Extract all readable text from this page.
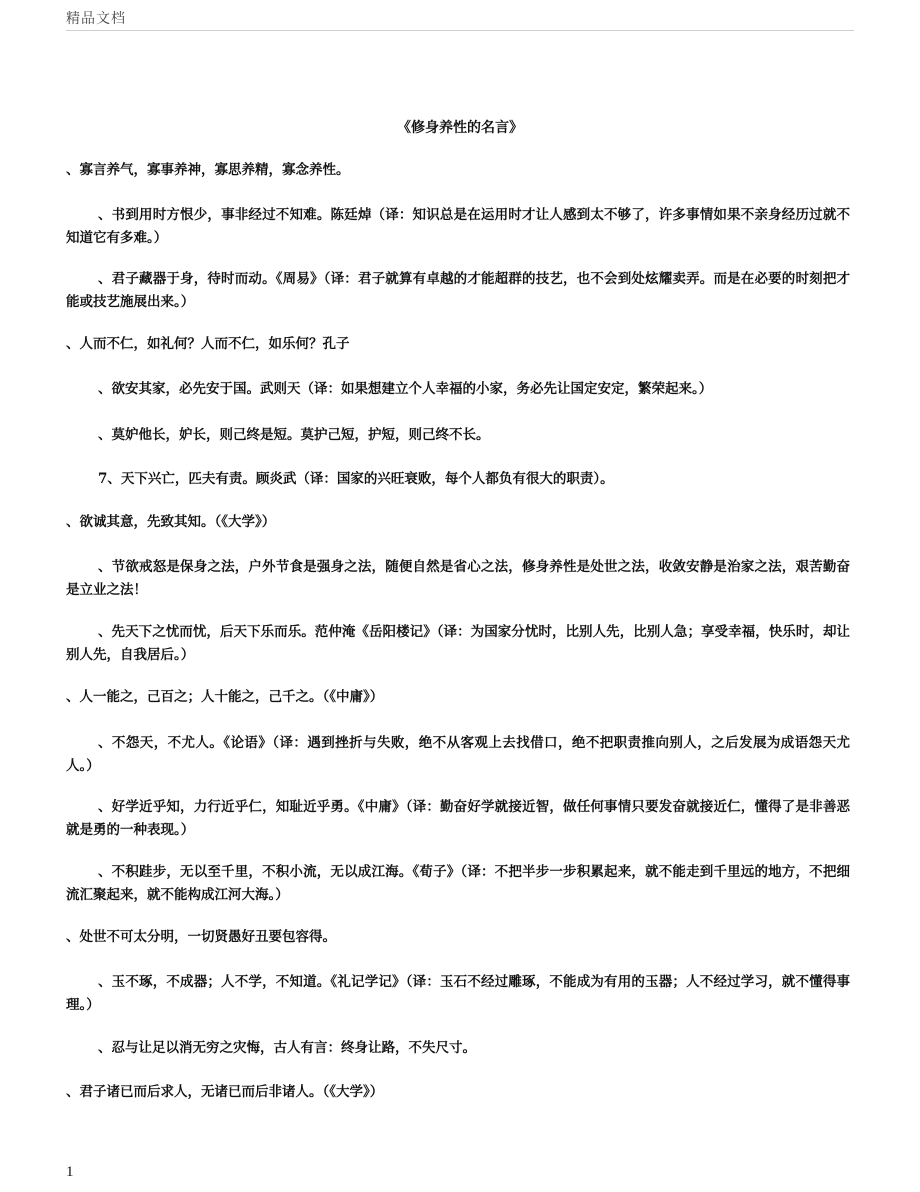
精品文档
《修身养性的名言》

、寡言养气，寡事养神，寡思养精，寡念养性。

、书到用时方恨少，事非经过不知难。陈廷焯（译：知识总是在运用时才让人感到太不够了，许多事情如果不亲身经历过就不知道它有多难。）

、君子藏器于身，待时而动。《周易》（译：君子就算有卓越的才能超群的技艺，也不会到处炫耀卖弄。而是在必要的时刻把才能或技艺施展出来。）

、人而不仁，如礼何？人而不仁，如乐何？孔子

、欲安其家，必先安于国。武则天（译：如果想建立个人幸福的小家，务必先让国定安定，繁荣起来。）

、莫妒他长，妒长，则己终是短。莫护己短，护短，则己终不长。

7、天下兴亡，匹夫有责。顾炎武（译：国家的兴旺衰败，每个人都负有很大的职责）。

、欲诚其意，先致其知。（《大学》）

、节欲戒怒是保身之法，户外节食是强身之法，随便自然是省心之法，修身养性是处世之法，收敛安静是治家之法，艰苦勤奋是立业之法！

、先天下之忧而忧，后天下乐而乐。范仲淹《岳阳楼记》（译：为国家分忧时，比别人先，比别人急；享受幸福，快乐时，却让别人先，自我居后。）

、人一能之，己百之；人十能之，己千之。（《中庸》）

、不怨天，不尤人。《论语》（译：遇到挫折与失败，绝不从客观上去找借口，绝不把职责推向别人，之后发展为成语怨天尤人。）

、好学近乎知，力行近乎仁，知耻近乎勇。《中庸》（译：勤奋好学就接近智，做任何事情只要发奋就接近仁，懂得了是非善恶就是勇的一种表现。）

、不积跬步，无以至千里，不积小流，无以成江海。《荀子》（译：不把半步一步积累起来，就不能走到千里远的地方，不把细流汇聚起来，就不能构成江河大海。）

、处世不可太分明，一切贤愚好丑要包容得。

、玉不琢，不成器；人不学，不知道。《礼记学记》（译：玉石不经过雕琢，不能成为有用的玉器；人不经过学习，就不懂得事理。）

、忍与让足以消无穷之灾悔，古人有言：终身让路，不失尺寸。

、君子诸已而后求人，无诸已而后非诸人。（《大学》）

1
